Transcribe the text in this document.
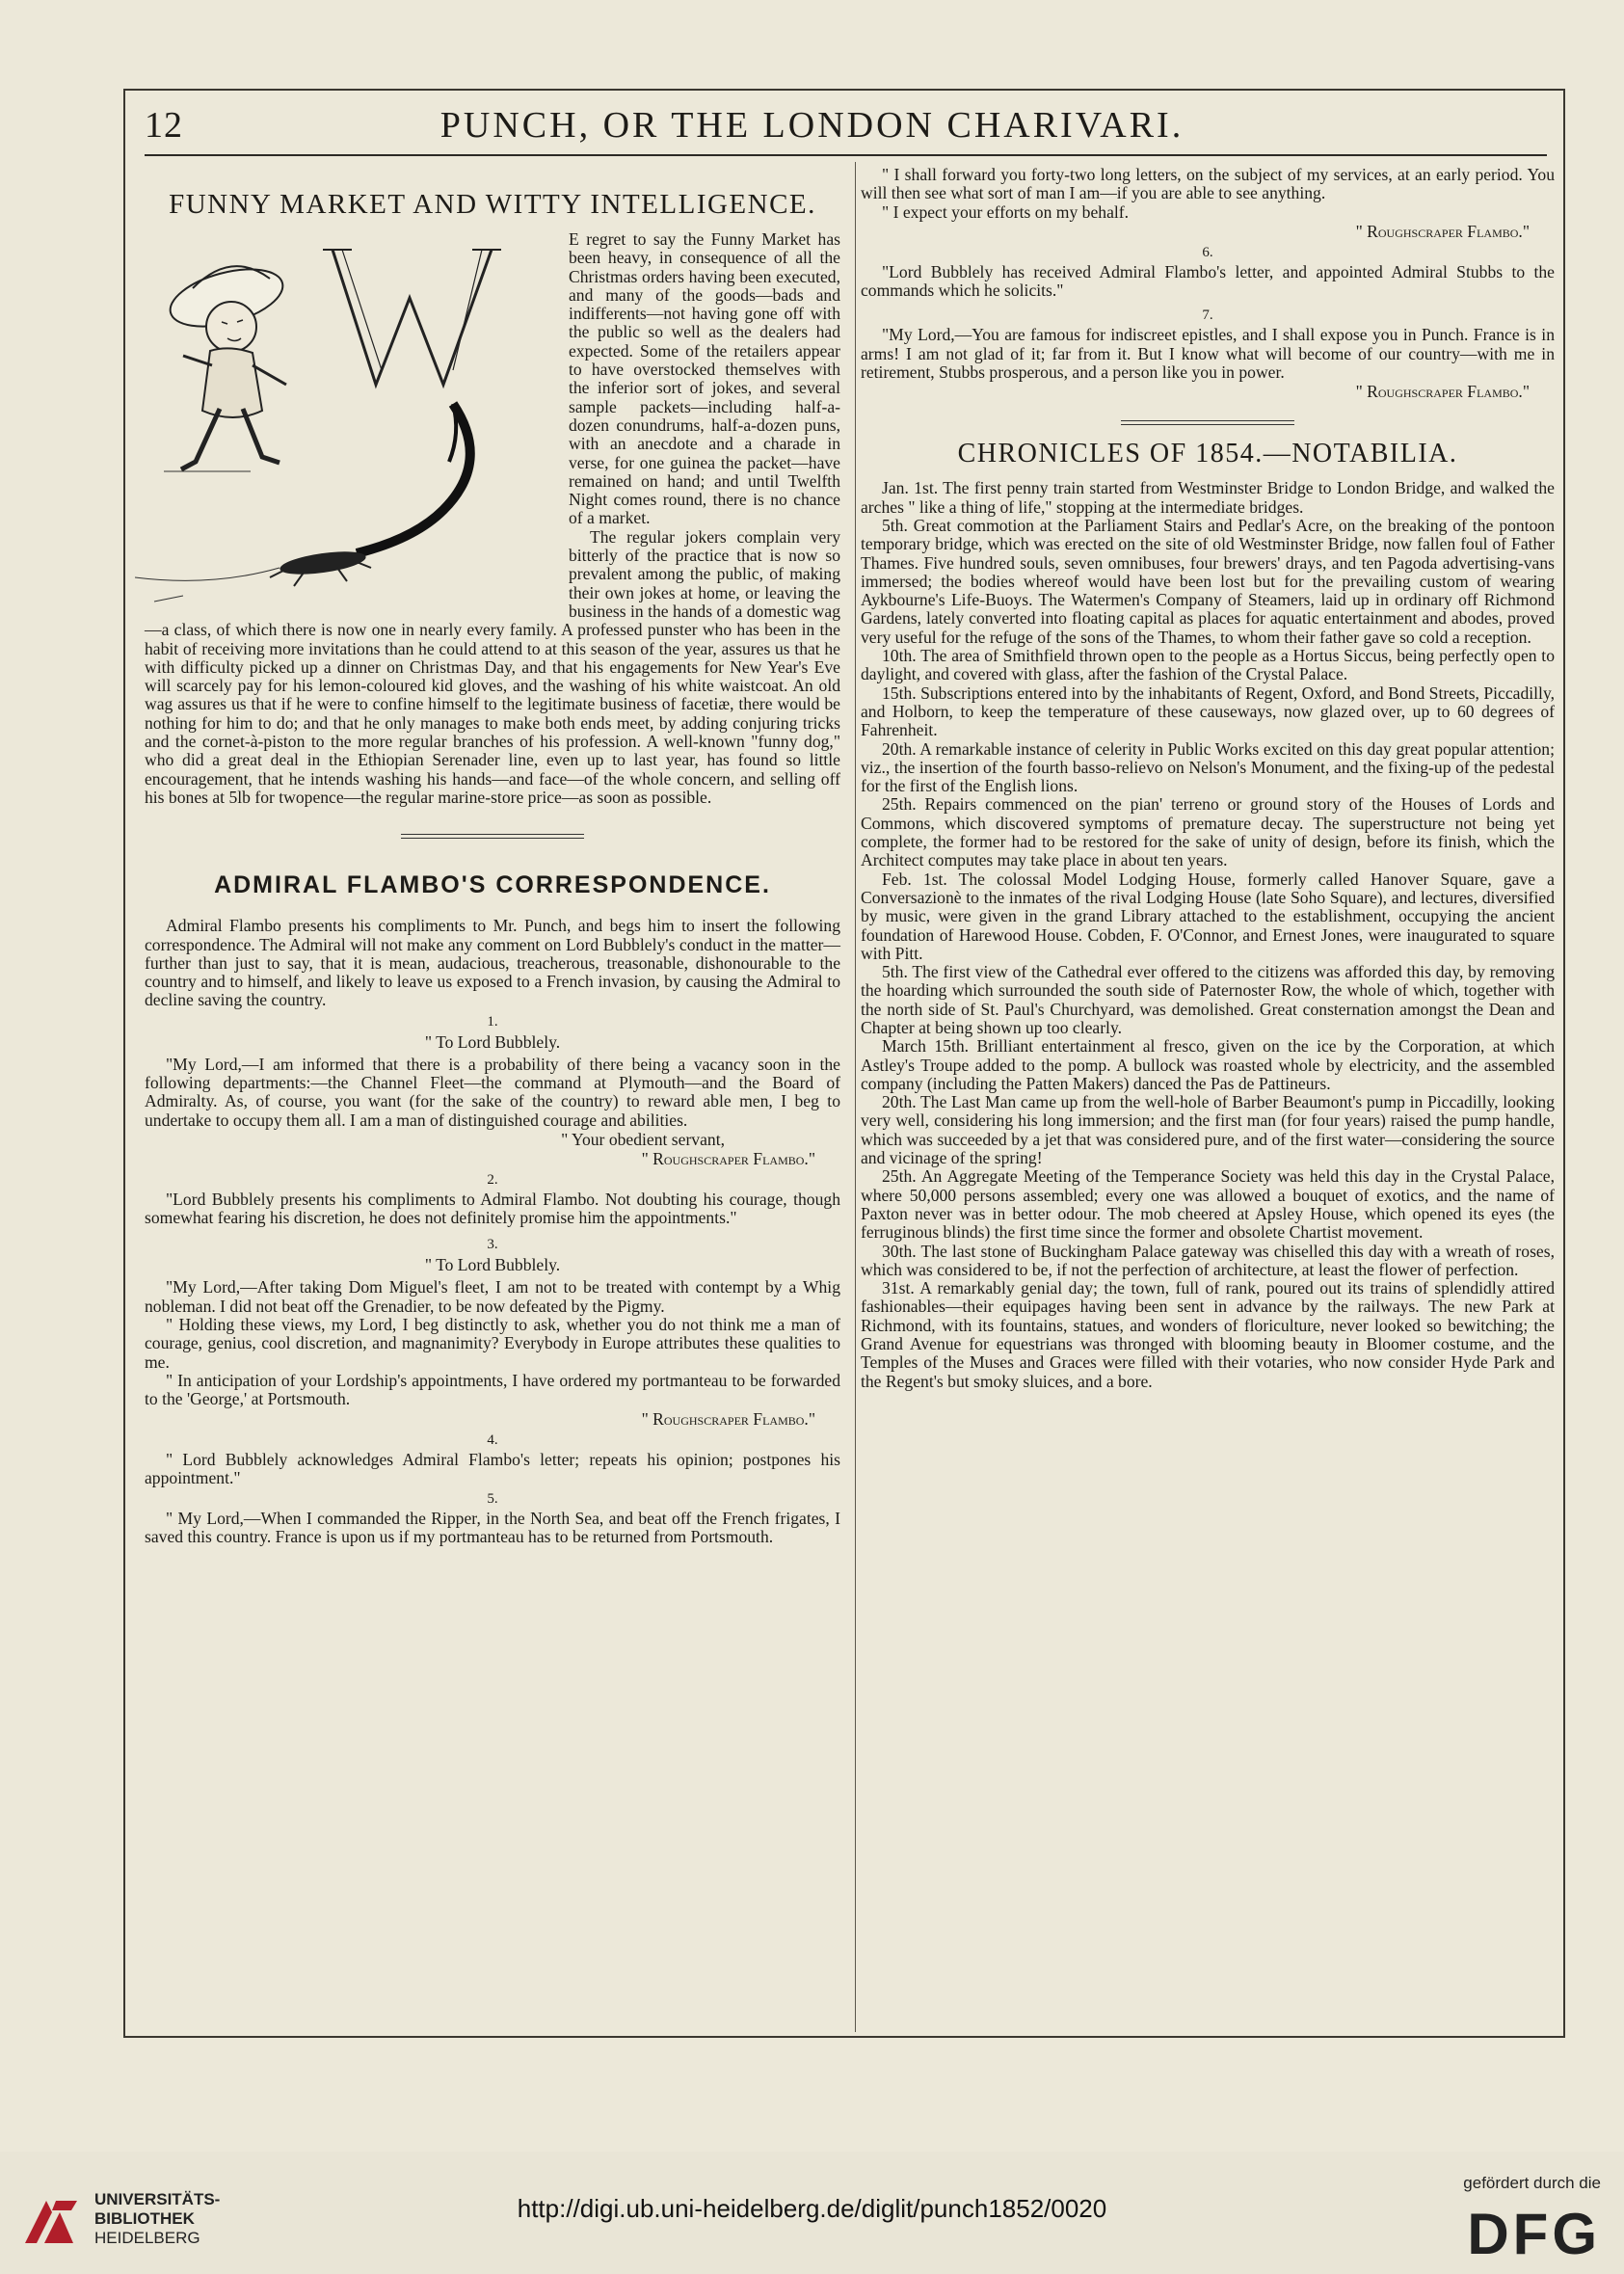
12	PUNCH, OR THE LONDON CHARIVARI.
FUNNY MARKET AND WITTY INTELLIGENCE.

E regret to say the Funny Market has been heavy, in consequence of all the Christmas orders having been executed, and many of the goods—bads and indifferents—not having gone off with the public so well as the dealers had expected. Some of the retailers appear to have overstocked themselves with the inferior sort of jokes, and several sample packets—including half-a-dozen conundrums, half-a-dozen puns, with an anecdote and a charade in verse, for one guinea the packet—have remained on hand; and until Twelfth Night comes round, there is no chance of a market.

The regular jokers complain very bitterly of the practice that is now so prevalent among the public, of making their own jokes at home, or leaving the business in the hands of a domestic wag—a class, of which there is now one in nearly every family. A professed punster who has been in the habit of receiving more invitations than he could attend to at this season of the year, assures us that he with difficulty picked up a dinner on Christmas Day, and that his engagements for New Year's Eve will scarcely pay for his lemon-coloured kid gloves, and the washing of his white waistcoat. An old wag assures us that if he were to confine himself to the legitimate business of facetiæ, there would be nothing for him to do; and that he only manages to make both ends meet, by adding conjuring tricks and the cornet-à-piston to the more regular branches of his profession. A well-known "funny dog," who did a great deal in the Ethiopian Serenader line, even up to last year, has found so little encouragement, that he intends washing his hands—and face—of the whole concern, and selling off his bones at 5lb for twopence—the regular marine-store price—as soon as possible.

ADMIRAL FLAMBO'S CORRESPONDENCE.

Admiral Flambo presents his compliments to Mr. Punch, and begs him to insert the following correspondence. The Admiral will not make any comment on Lord Bubblely's conduct in the matter—further than just to say, that it is mean, audacious, treacherous, treasonable, dishonourable to the country and to himself, and likely to leave us exposed to a French invasion, by causing the Admiral to decline saving the country.

1.
" To Lord Bubblely.

"My Lord,—I am informed that there is a probability of there being a vacancy soon in the following departments:—the Channel Fleet—the command at Plymouth—and the Board of Admiralty. As, of course, you want (for the sake of the country) to reward able men, I beg to undertake to occupy them all. I am a man of distinguished courage and abilities.

" Your obedient servant,
" Roughscraper Flambo."
2.

"Lord Bubblely presents his compliments to Admiral Flambo. Not doubting his courage, though somewhat fearing his discretion, he does not definitely promise him the appointments."

3.
" To Lord Bubblely.

"My Lord,—After taking Dom Miguel's fleet, I am not to be treated with contempt by a Whig nobleman. I did not beat off the Grenadier, to be now defeated by the Pigmy.

" Holding these views, my Lord, I beg distinctly to ask, whether you do not think me a man of courage, genius, cool discretion, and magnanimity? Everybody in Europe attributes these qualities to me.

" In anticipation of your Lordship's appointments, I have ordered my portmanteau to be forwarded to the 'George,' at Portsmouth.

" Roughscraper Flambo."
4.

" Lord Bubblely acknowledges Admiral Flambo's letter; repeats his opinion; postpones his appointment."

5.

" My Lord,—When I commanded the Ripper, in the North Sea, and beat off the French frigates, I saved this country. France is upon us if my portmanteau has to be returned from Portsmouth.

" I shall forward you forty-two long letters, on the subject of my services, at an early period. You will then see what sort of man I am—if you are able to see anything.

" I expect your efforts on my behalf.

" Roughscraper Flambo."
6.

"Lord Bubblely has received Admiral Flambo's letter, and appointed Admiral Stubbs to the commands which he solicits."

7.

"My Lord,—You are famous for indiscreet epistles, and I shall expose you in Punch. France is in arms! I am not glad of it; far from it. But I know what will become of our country—with me in retirement, Stubbs prosperous, and a person like you in power.

" Roughscraper Flambo."
CHRONICLES OF 1854.—NOTABILIA.

Jan. 1st. The first penny train started from Westminster Bridge to London Bridge, and walked the arches " like a thing of life," stopping at the intermediate bridges.

5th. Great commotion at the Parliament Stairs and Pedlar's Acre, on the breaking of the pontoon temporary bridge, which was erected on the site of old Westminster Bridge, now fallen foul of Father Thames. Five hundred souls, seven omnibuses, four brewers' drays, and ten Pagoda advertising-vans immersed; the bodies whereof would have been lost but for the prevailing custom of wearing Aykbourne's Life-Buoys. The Watermen's Company of Steamers, laid up in ordinary off Richmond Gardens, lately converted into floating capital as places for aquatic entertainment and abodes, proved very useful for the refuge of the sons of the Thames, to whom their father gave so cold a reception.

10th. The area of Smithfield thrown open to the people as a Hortus Siccus, being perfectly open to daylight, and covered with glass, after the fashion of the Crystal Palace.

15th. Subscriptions entered into by the inhabitants of Regent, Oxford, and Bond Streets, Piccadilly, and Holborn, to keep the temperature of these causeways, now glazed over, up to 60 degrees of Fahrenheit.

20th. A remarkable instance of celerity in Public Works excited on this day great popular attention; viz., the insertion of the fourth basso-relievo on Nelson's Monument, and the fixing-up of the pedestal for the first of the English lions.

25th. Repairs commenced on the pian' terreno or ground story of the Houses of Lords and Commons, which discovered symptoms of premature decay. The superstructure not being yet complete, the former had to be restored for the sake of unity of design, before its finish, which the Architect computes may take place in about ten years.

Feb. 1st. The colossal Model Lodging House, formerly called Hanover Square, gave a Conversazionè to the inmates of the rival Lodging House (late Soho Square), and lectures, diversified by music, were given in the grand Library attached to the establishment, occupying the ancient foundation of Harewood House. Cobden, F. O'Connor, and Ernest Jones, were inaugurated to square with Pitt.

5th. The first view of the Cathedral ever offered to the citizens was afforded this day, by removing the hoarding which surrounded the south side of Paternoster Row, the whole of which, together with the north side of St. Paul's Churchyard, was demolished. Great consternation amongst the Dean and Chapter at being shown up too clearly.

March 15th. Brilliant entertainment al fresco, given on the ice by the Corporation, at which Astley's Troupe added to the pomp. A bullock was roasted whole by electricity, and the assembled company (including the Patten Makers) danced the Pas de Pattineurs.

20th. The Last Man came up from the well-hole of Barber Beaumont's pump in Piccadilly, looking very well, considering his long immersion; and the first man (for four years) raised the pump handle, which was succeeded by a jet that was considered pure, and of the first water—considering the source and vicinage of the spring!

25th. An Aggregate Meeting of the Temperance Society was held this day in the Crystal Palace, where 50,000 persons assembled; every one was allowed a bouquet of exotics, and the name of Paxton never was in better odour. The mob cheered at Apsley House, which opened its eyes (the ferruginous blinds) the first time since the former and obsolete Chartist movement.

30th. The last stone of Buckingham Palace gateway was chiselled this day with a wreath of roses, which was considered to be, if not the perfection of architecture, at least the flower of perfection.

31st. A remarkably genial day; the town, full of rank, poured out its trains of splendidly attired fashionables—their equipages having been sent in advance by the railways. The new Park at Richmond, with its fountains, statues, and wonders of floriculture, never looked so bewitching; the Grand Avenue for equestrians was thronged with blooming beauty in Bloomer costume, and the Temples of the Muses and Graces were filled with their votaries, who now consider Hyde Park and the Regent's but smoky sluices, and a bore.

UNIVERSITÄTS-
BIBLIOTHEK
HEIDELBERG
http://digi.ub.uni-heidelberg.de/diglit/punch1852/0020
gefördert durch die
DFG
